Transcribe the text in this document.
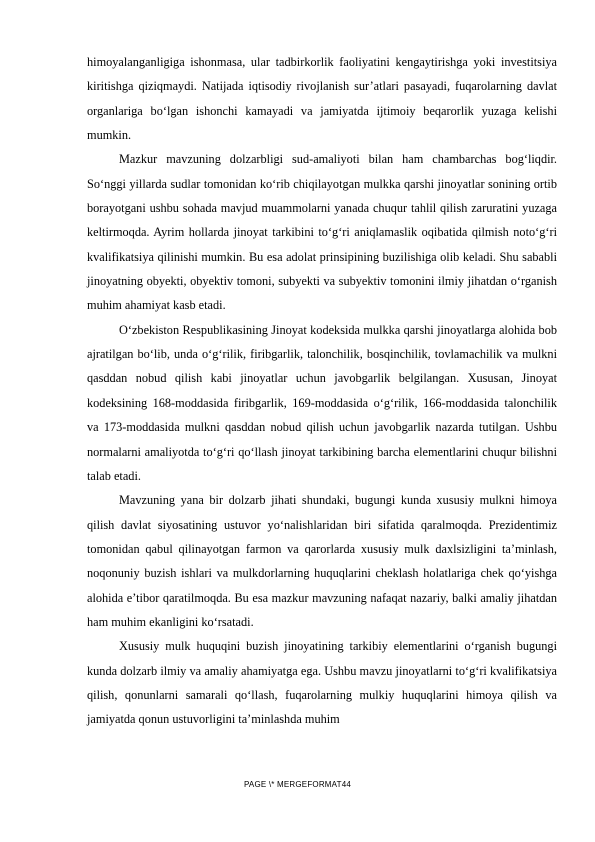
himoyalanganligiga ishonmasa, ular tadbirkorlik faoliyatini kengaytirishga yoki investitsiya kiritishga qiziqmaydi. Natijada iqtisodiy rivojlanish sur’atlari pasayadi, fuqarolarning davlat organlariga bo‘lgan ishonchi kamayadi va jamiyatda ijtimoiy beqarorlik yuzaga kelishi mumkin.

Mazkur mavzuning dolzarbligi sud-amaliyoti bilan ham chambarchas bog‘liqdir. So‘nggi yillarda sudlar tomonidan ko‘rib chiqilayotgan mulkka qarshi jinoyatlar sonining ortib borayotgani ushbu sohada mavjud muammolarni yanada chuqur tahlil qilish zaruratini yuzaga keltirmoqda. Ayrim hollarda jinoyat tarkibini to‘g‘ri aniqlamaslik oqibatida qilmish noto‘g‘ri kvalifikatsiya qilinishi mumkin. Bu esa adolat prinsipining buzilishiga olib keladi. Shu sababli jinoyatning obyekti, obyektiv tomoni, subyekti va subyektiv tomonini ilmiy jihatdan o‘rganish muhim ahamiyat kasb etadi.

O‘zbekiston Respublikasining Jinoyat kodeksida mulkka qarshi jinoyatlarga alohida bob ajratilgan bo‘lib, unda o‘g‘rilik, firibgarlik, talonchilik, bosqinchilik, tovlamachilik va mulkni qasddan nobud qilish kabi jinoyatlar uchun javobgarlik belgilangan. Xususan, Jinoyat kodeksining 168-moddasida firibgarlik, 169-moddasida o‘g‘rilik, 166-moddasida talonchilik va 173-moddasida mulkni qasddan nobud qilish uchun javobgarlik nazarda tutilgan. Ushbu normalarni amaliyotda to‘g‘ri qo‘llash jinoyat tarkibining barcha elementlarini chuqur bilishni talab etadi.

Mavzuning yana bir dolzarb jihati shundaki, bugungi kunda xususiy mulkni himoya qilish davlat siyosatining ustuvor yo‘nalishlaridan biri sifatida qaralmoqda. Prezidentimiz tomonidan qabul qilinayotgan farmon va qarorlarda xususiy mulk daxlsizligini ta’minlash, noqonuniy buzish ishlari va mulkdorlarning huquqlarini cheklash holatlariga chek qo‘yishga alohida e’tibor qaratilmoqda. Bu esa mazkur mavzuning nafaqat nazariy, balki amaliy jihatdan ham muhim ekanligini ko‘rsatadi.

Xususiy mulk huquqini buzish jinoyatining tarkibiy elementlarini o‘rganish bugungi kunda dolzarb ilmiy va amaliy ahamiyatga ega. Ushbu mavzu jinoyatlarni to‘g‘ri kvalifikatsiya qilish, qonunlarni samarali qo‘llash, fuqarolarning mulkiy huquqlarini himoya qilish va jamiyatda qonun ustuvorligini ta’minlashda muhim

PAGE \* MERGEFORMAT44
